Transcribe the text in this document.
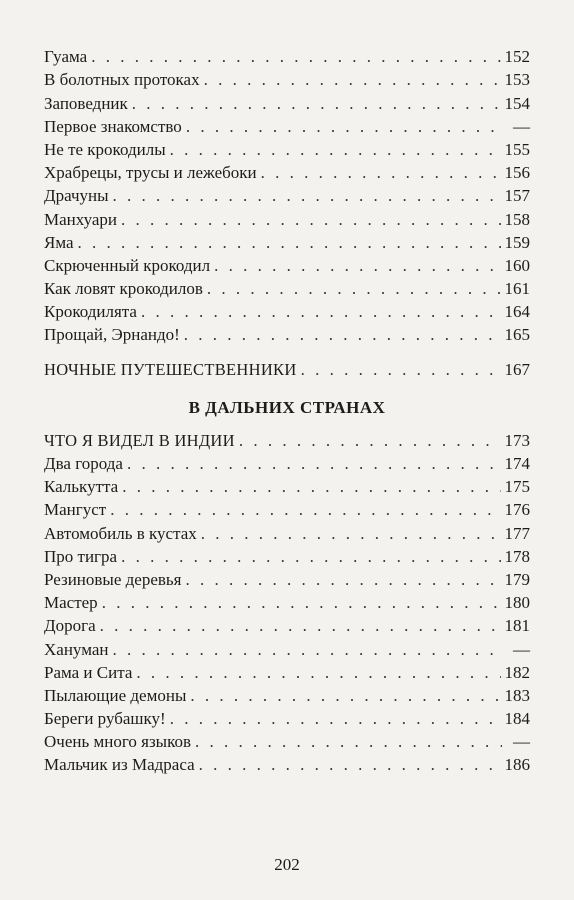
Гуама . . .	152
В болотных протоках . . .	153
Заповедник . . .	154
Первое знакомство . . .	—
Не те крокодилы . . .	155
Храбрецы, трусы и лежебоки . . .	156
Драчуны . . .	157
Манхуари . . .	158
Яма . . .	159
Скрюченный крокодил . . .	160
Как ловят крокодилов . . .	161
Крокодилята . . .	164
Прощай, Эрнандо! . . .	165
НОЧНЫЕ ПУТЕШЕСТВЕННИКИ . . .	167
В ДАЛЬНИХ СТРАНАХ
ЧТО Я ВИДЕЛ В ИНДИИ . . .	173
Два города . . .	174
Калькутта . . .	175
Мангуст . . .	176
Автомобиль в кустах . . .	177
Про тигра . . .	178
Резиновые деревья . . .	179
Мастер . . .	180
Дорога . . .	181
Хануман . . .	—
Рама и Сита . . .	182
Пылающие демоны . . .	183
Береги рубашку! . . .	184
Очень много языков . . .	—
Мальчик из Мадраса . . .	186
202
